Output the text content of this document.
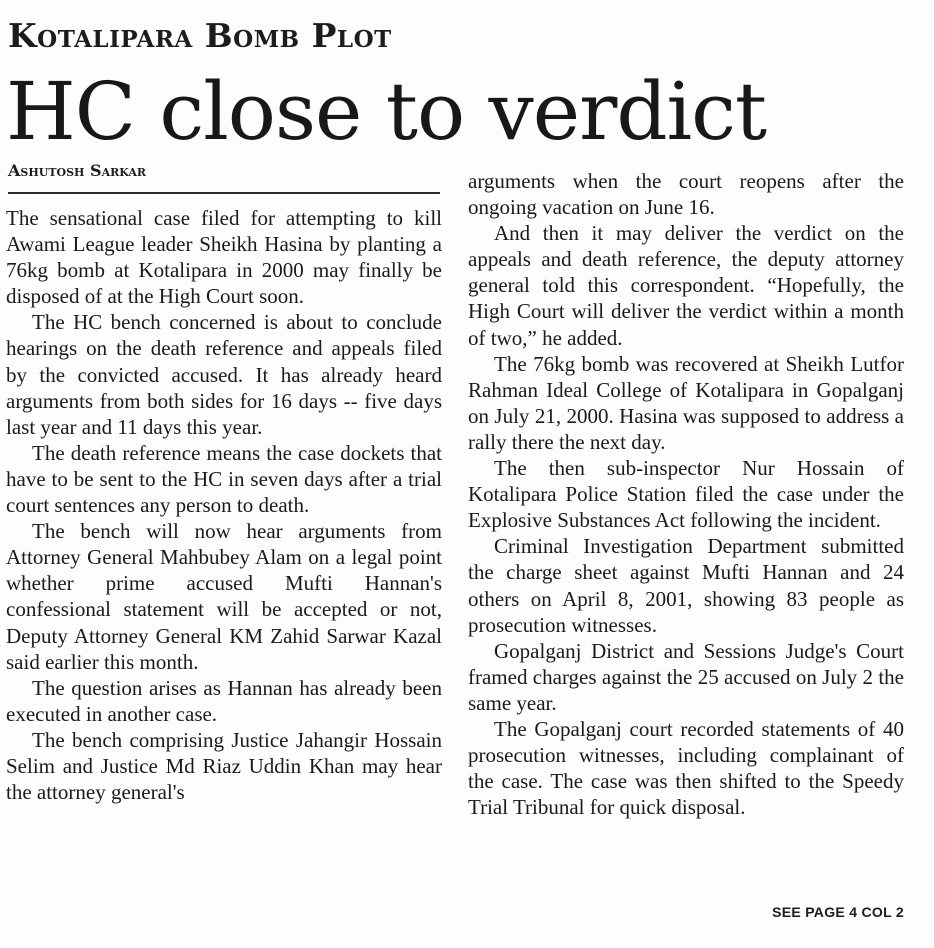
Kotalipara Bomb Plot
HC close to verdict
Ashutosh Sarkar

The sensational case filed for attempting to kill Awami League leader Sheikh Hasina by planting a 76kg bomb at Kotalipara in 2000 may finally be disposed of at the High Court soon.

The HC bench concerned is about to conclude hearings on the death reference and appeals filed by the convicted accused. It has already heard arguments from both sides for 16 days -- five days last year and 11 days this year.

The death reference means the case dockets that have to be sent to the HC in seven days after a trial court sentences any person to death.

The bench will now hear arguments from Attorney General Mahbubey Alam on a legal point whether prime accused Mufti Hannan's confessional statement will be accepted or not, Deputy Attorney General KM Zahid Sarwar Kazal said earlier this month.

The question arises as Hannan has already been executed in another case.

The bench comprising Justice Jahangir Hossain Selim and Justice Md Riaz Uddin Khan may hear the attorney general's

arguments when the court reopens after the ongoing vacation on June 16.

And then it may deliver the verdict on the appeals and death reference, the deputy attorney general told this correspondent. “Hopefully, the High Court will deliver the verdict within a month of two,” he added.

The 76kg bomb was recovered at Sheikh Lutfor Rahman Ideal College of Kotalipara in Gopalganj on July 21, 2000. Hasina was supposed to address a rally there the next day.

The then sub-inspector Nur Hossain of Kotalipara Police Station filed the case under the Explosive Substances Act following the incident.

Criminal Investigation Department submitted the charge sheet against Mufti Hannan and 24 others on April 8, 2001, showing 83 people as prosecution witnesses.

Gopalganj District and Sessions Judge's Court framed charges against the 25 accused on July 2 the same year.

The Gopalganj court recorded statements of 40 prosecution witnesses, including complainant of the case. The case was then shifted to the Speedy Trial Tribunal for quick disposal.

SEE PAGE 4 COL 2
